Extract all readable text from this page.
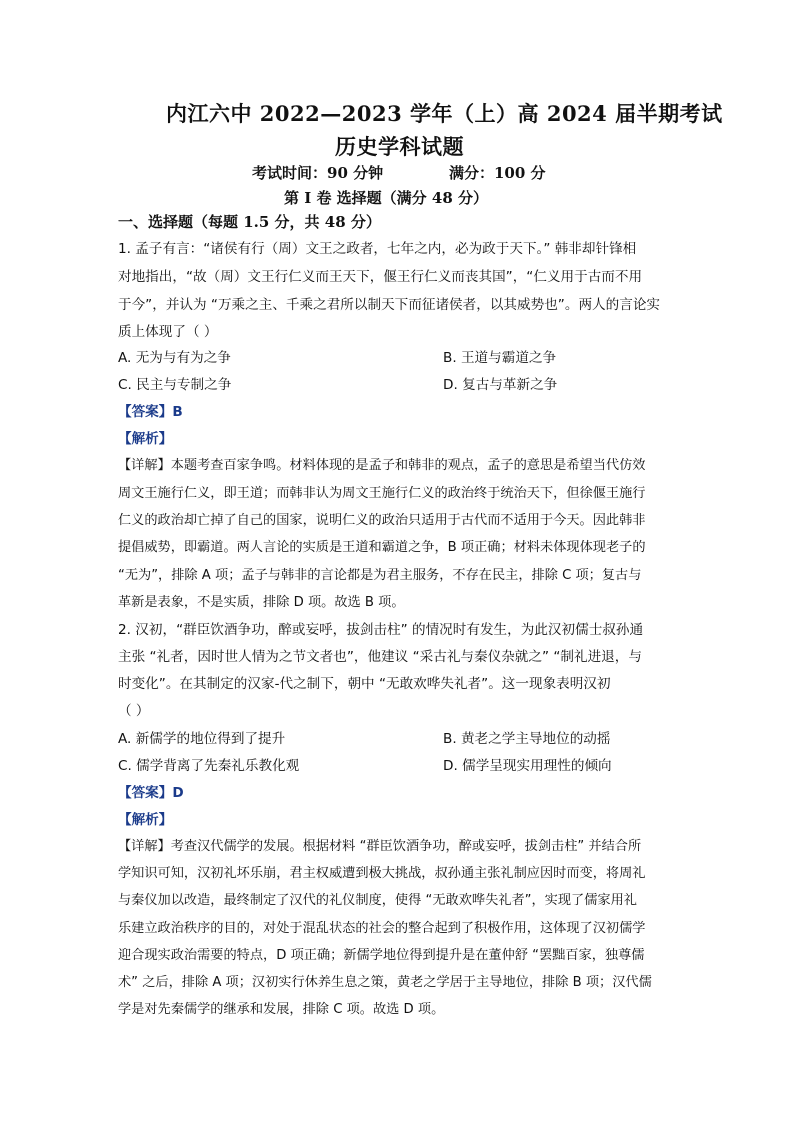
内江六中 2022—2023 学年（上）高 2024 届半期考试
历史学科试题
考试时间：90 分钟	满分：100 分
第 I 卷 选择题（满分 48 分）
一、选择题（每题 1.5 分，共 48 分）
1. 孟子有言：“诸侯有行（周）文王之政者，七年之内，必为政于天下。” 韩非却针锋相
对地指出，“故（周）文王行仁义而王天下，偃王行仁义而丧其国”，“仁义用于古而不用
于今”，并认为 “万乘之主、千乘之君所以制天下而征诸侯者，以其威势也”。两人的言论实
质上体现了（ ）
A. 无为与有为之争	B. 王道与霸道之争
C. 民主与专制之争	D. 复古与革新之争
【答案】B
【解析】
【详解】本题考查百家争鸣。材料体现的是孟子和韩非的观点，孟子的意思是希望当代仿效
周文王施行仁义，即王道；而韩非认为周文王施行仁义的政治终于统治天下，但徐偃王施行
仁义的政治却亡掉了自己的国家，说明仁义的政治只适用于古代而不适用于今天。因此韩非
提倡威势，即霸道。两人言论的实质是王道和霸道之争，B 项正确；材料未体现体现老子的
“无为”，排除 A 项；孟子与韩非的言论都是为君主服务，不存在民主，排除 C 项；复古与
革新是表象，不是实质，排除 D 项。故选 B 项。
2. 汉初，“群臣饮酒争功，醉或妄呼，拔剑击柱” 的情况时有发生，为此汉初儒士叔孙通
主张 “礼者，因时世人情为之节文者也”，他建议 “采古礼与秦仪杂就之” “制礼进退，与
时变化”。在其制定的汉家-代之制下，朝中 “无敢欢哗失礼者”。这一现象表明汉初
（ ）
A. 新儒学的地位得到了提升	B. 黄老之学主导地位的动摇
C. 儒学背离了先秦礼乐教化观	D. 儒学呈现实用理性的倾向
【答案】D
【解析】
【详解】考查汉代儒学的发展。根据材料 “群臣饮酒争功，醉或妄呼，拔剑击柱” 并结合所
学知识可知，汉初礼坏乐崩，君主权威遭到极大挑战，叔孙通主张礼制应因时而变，将周礼
与秦仪加以改造，最终制定了汉代的礼仪制度，使得 “无敢欢哗失礼者”，实现了儒家用礼
乐建立政治秩序的目的，对处于混乱状态的社会的整合起到了积极作用，这体现了汉初儒学
迎合现实政治需要的特点，D 项正确；新儒学地位得到提升是在董仲舒 “罢黜百家，独尊儒
术” 之后，排除 A 项；汉初实行休养生息之策，黄老之学居于主导地位，排除 B 项；汉代儒
学是对先秦儒学的继承和发展，排除 C 项。故选 D 项。
